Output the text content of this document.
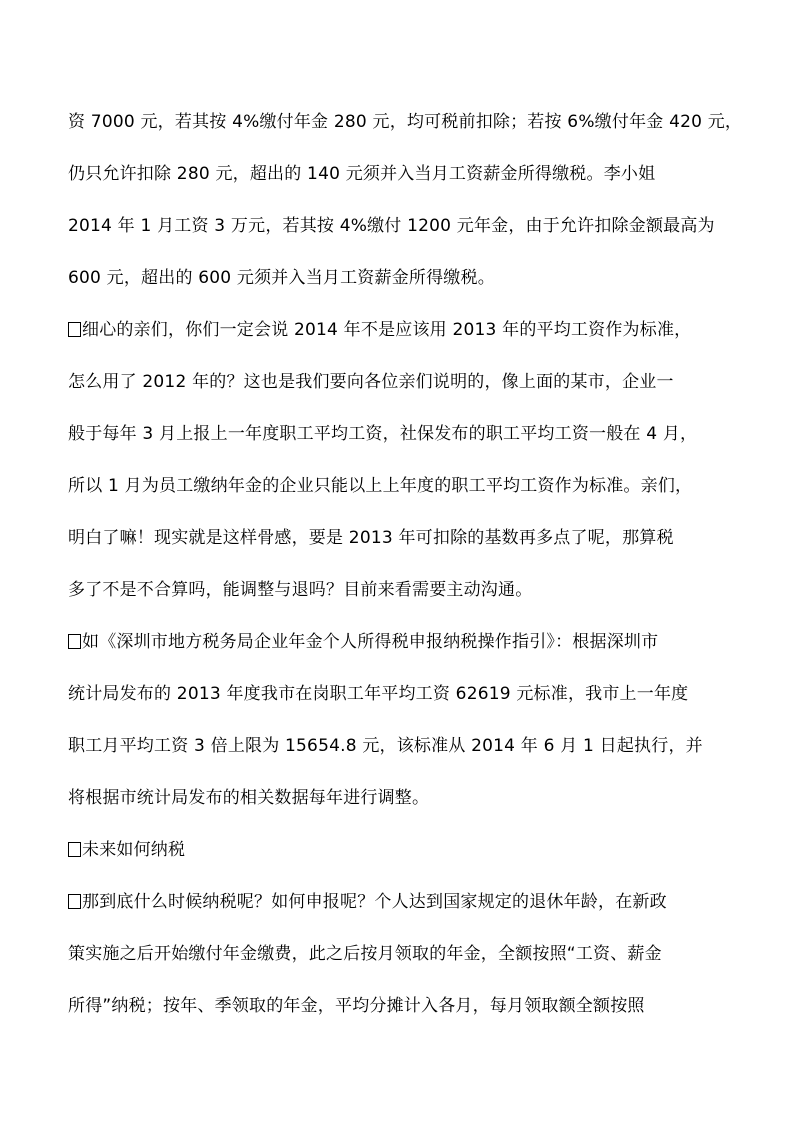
资 7000 元，若其按 4%缴付年金 280 元，均可税前扣除；若按 6%缴付年金 420 元，
仍只允许扣除 280 元，超出的 140 元须并入当月工资薪金所得缴税。李小姐
2014 年 1 月工资 3 万元，若其按 4%缴付 1200 元年金，由于允许扣除金额最高为
600 元，超出的 600 元须并入当月工资薪金所得缴税。
细心的亲们，你们一定会说 2014 年不是应该用 2013 年的平均工资作为标准，
怎么用了 2012 年的？这也是我们要向各位亲们说明的，像上面的某市，企业一
般于每年 3 月上报上一年度职工平均工资，社保发布的职工平均工资一般在 4 月，
所以 1 月为员工缴纳年金的企业只能以上上年度的职工平均工资作为标准。亲们，
明白了嘛！现实就是这样骨感，要是 2013 年可扣除的基数再多点了呢，那算税
多了不是不合算吗，能调整与退吗？目前来看需要主动沟通。
如《深圳市地方税务局企业年金个人所得税申报纳税操作指引》：根据深圳市
统计局发布的 2013 年度我市在岗职工年平均工资 62619 元标准，我市上一年度
职工月平均工资 3 倍上限为 15654.8 元，该标准从 2014 年 6 月 1 日起执行，并
将根据市统计局发布的相关数据每年进行调整。
未来如何纳税
那到底什么时候纳税呢？如何申报呢？个人达到国家规定的退休年龄，在新政
策实施之后开始缴付年金缴费，此之后按月领取的年金，全额按照“工资、薪金
所得”纳税；按年、季领取的年金，平均分摊计入各月，每月领取额全额按照
